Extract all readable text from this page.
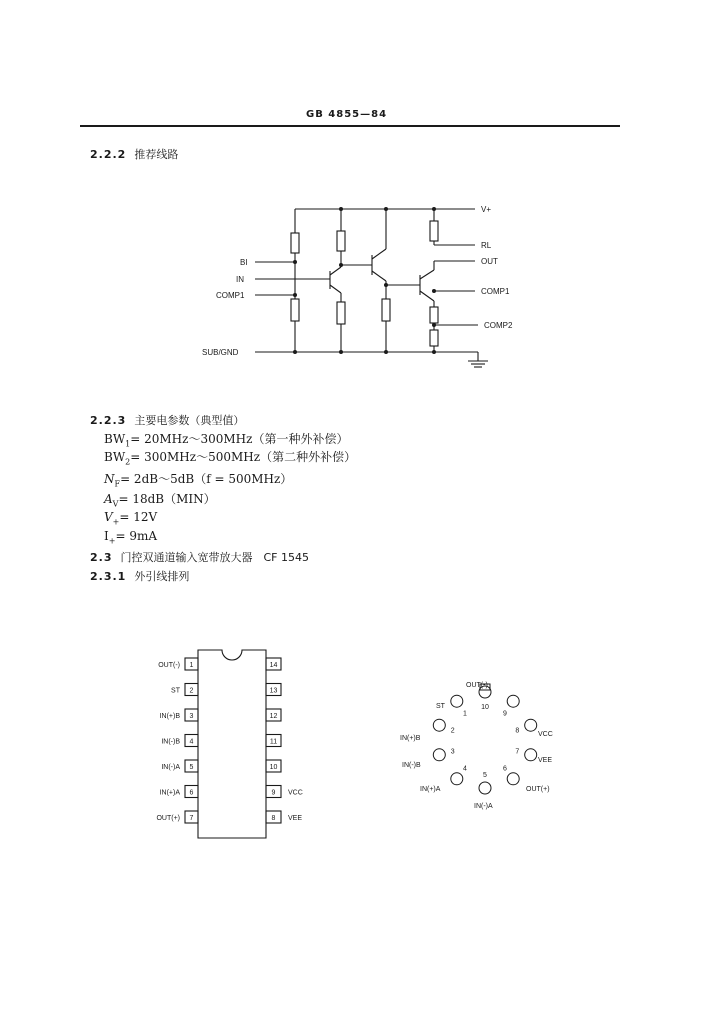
GB 4855—84
2.2.2 推荐线路
V+
RL
BI
IN
COMP1
OUT
COMP1
COMP2
SUB/GND
2.2.3 主要电参数（典型值）
$BW_1=$ 20MHz～300MHz（第一种外补偿）
$BW_2=$ 300MHz～500MHz（第二种外补偿）
$N_F=$ 2dB～5dB（f = 500MHz）
$A_V= 18dB(MIN)$
$V_+= 12V$
$I_+= 9mA$
2.3 门控双通道输入宽带放大器　CF 1545
2.3.1 外引线排列
1
OUT(-)
2
ST
3
IN(+)B
4
IN(-)B
5
IN(-)A
6
IN(+)A
7
OUT(+)
14
13
12
11
10
9 VCC
8 VEE
1
2
3
4
5
6
7
8
9
10
OUT(-)
ST
IN(+)B
IN(-)B
IN(+)A
IN(-)A
VCC
VEE
OUT(+)
